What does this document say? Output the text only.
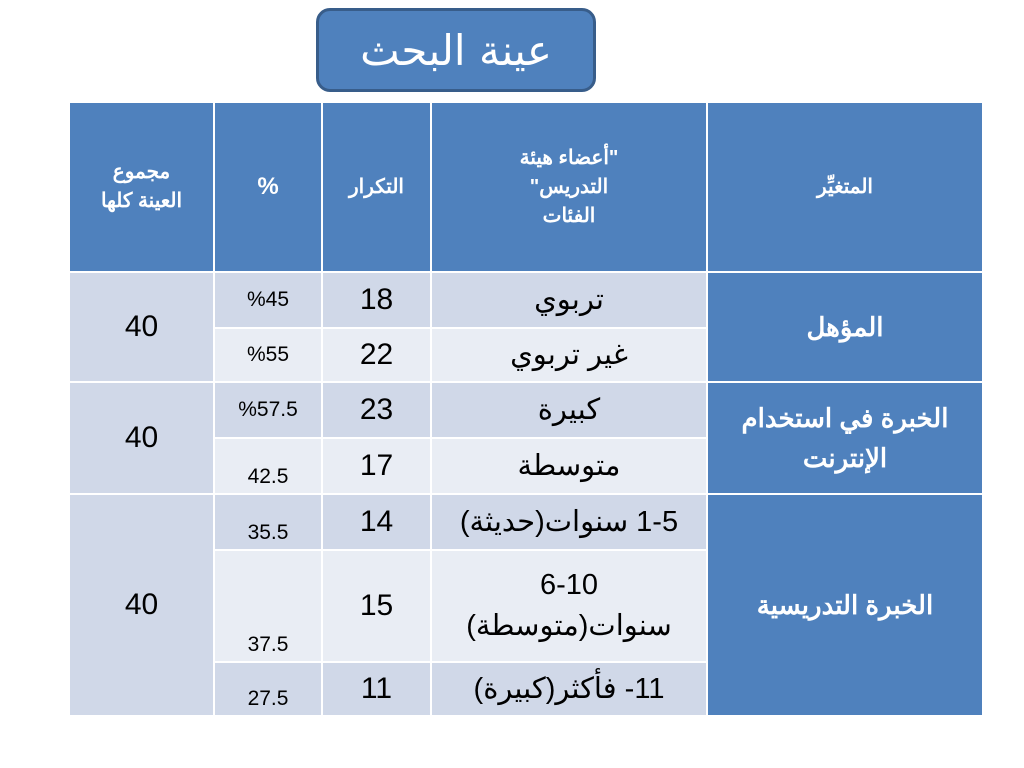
عينة البحث
مجموع
العينة كلها	%	التكرار	"أعضاء هيئة
التدريس"
الفئات	المتغيِّر
40	%45	18	تربوي	المؤهل
	%55	22	غير تربوي	
40	%57.5	23	كبيرة	الخبرة في استخدام
الإنترنت
	42.5	17	متوسطة	
40	35.5	14	1-5 سنوات(حديثة)	الخبرة التدريسية
	37.5	15	6-10
سنوات(متوسطة)	
	27.5	11	11- فأكثر(كبيرة)	
